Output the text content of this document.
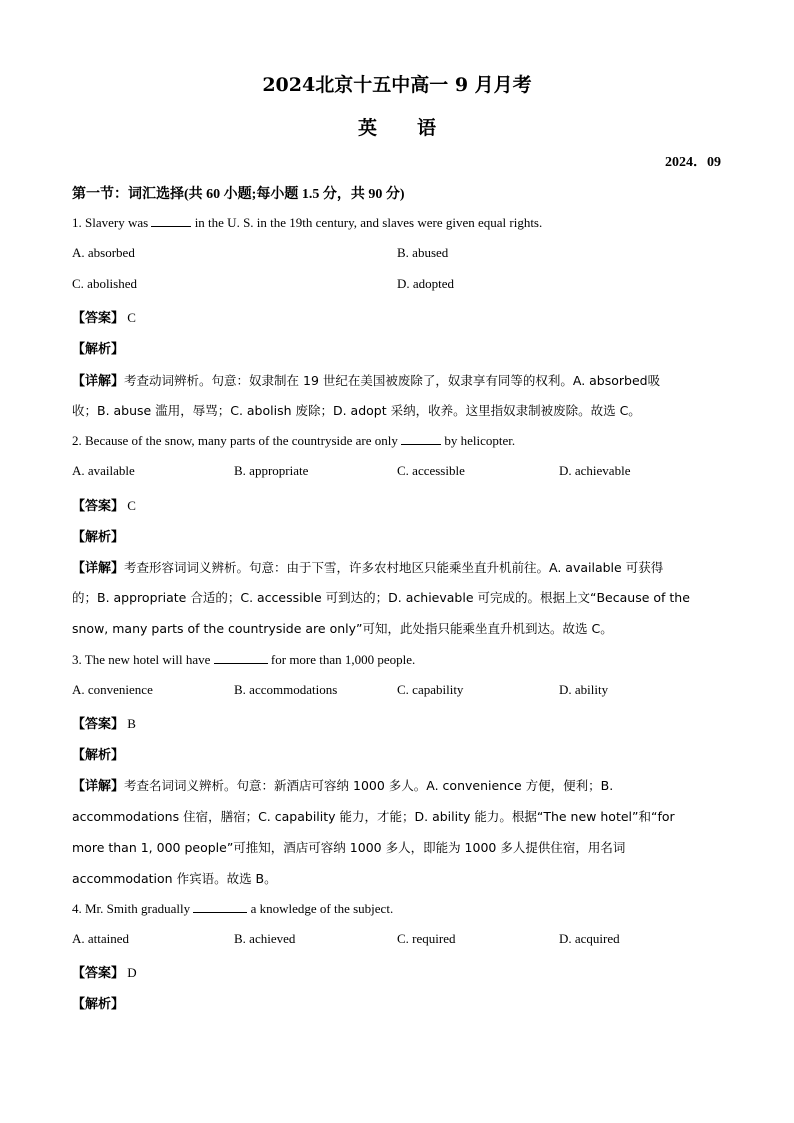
2024北京十五中高一 9 月月考
英语
2024．09
第一节：词汇选择(共 60 小题;每小题 1.5 分，共 90 分)
1. Slavery was	in the U. S. in the 19th century, and slaves were given equal rights.
A. absorbed	B. abused
C. abolished	D. adopted
【答案】 C
【解析】
【详解】考查动词辨析。句意：奴隶制在 19 世纪在美国被废除了，奴隶享有同等的权利。A. absorbed吸
收；B. abuse 滥用，辱骂；C. abolish 废除；D. adopt 采纳，收养。这里指奴隶制被废除。故选 C。
2. Because of the snow, many parts of the countryside are only	by helicopter.
A. available	B. appropriate	C. accessible	D. achievable
【答案】 C
【解析】
【详解】考查形容词词义辨析。句意：由于下雪，许多农村地区只能乘坐直升机前往。A. available 可获得
的；B. appropriate 合适的；C. accessible 可到达的；D. achievable 可完成的。根据上文“Because of the
snow, many parts of the countryside are only”可知，此处指只能乘坐直升机到达。故选 C。
3. The new hotel will have	for more than 1,000 people.
A. convenience	B. accommodations	C. capability	D. ability
【答案】 B
【解析】
【详解】考查名词词义辨析。句意：新酒店可容纳 1000 多人。A. convenience 方便，便利；B.
accommodations 住宿，膳宿；C. capability 能力，才能；D. ability 能力。根据“The new hotel”和“for
more than 1, 000 people”可推知，酒店可容纳 1000 多人，即能为 1000 多人提供住宿，用名词
accommodation 作宾语。故选 B。
4. Mr. Smith gradually	a knowledge of the subject.
A. attained	B. achieved	C. required	D. acquired
【答案】 D
【解析】
